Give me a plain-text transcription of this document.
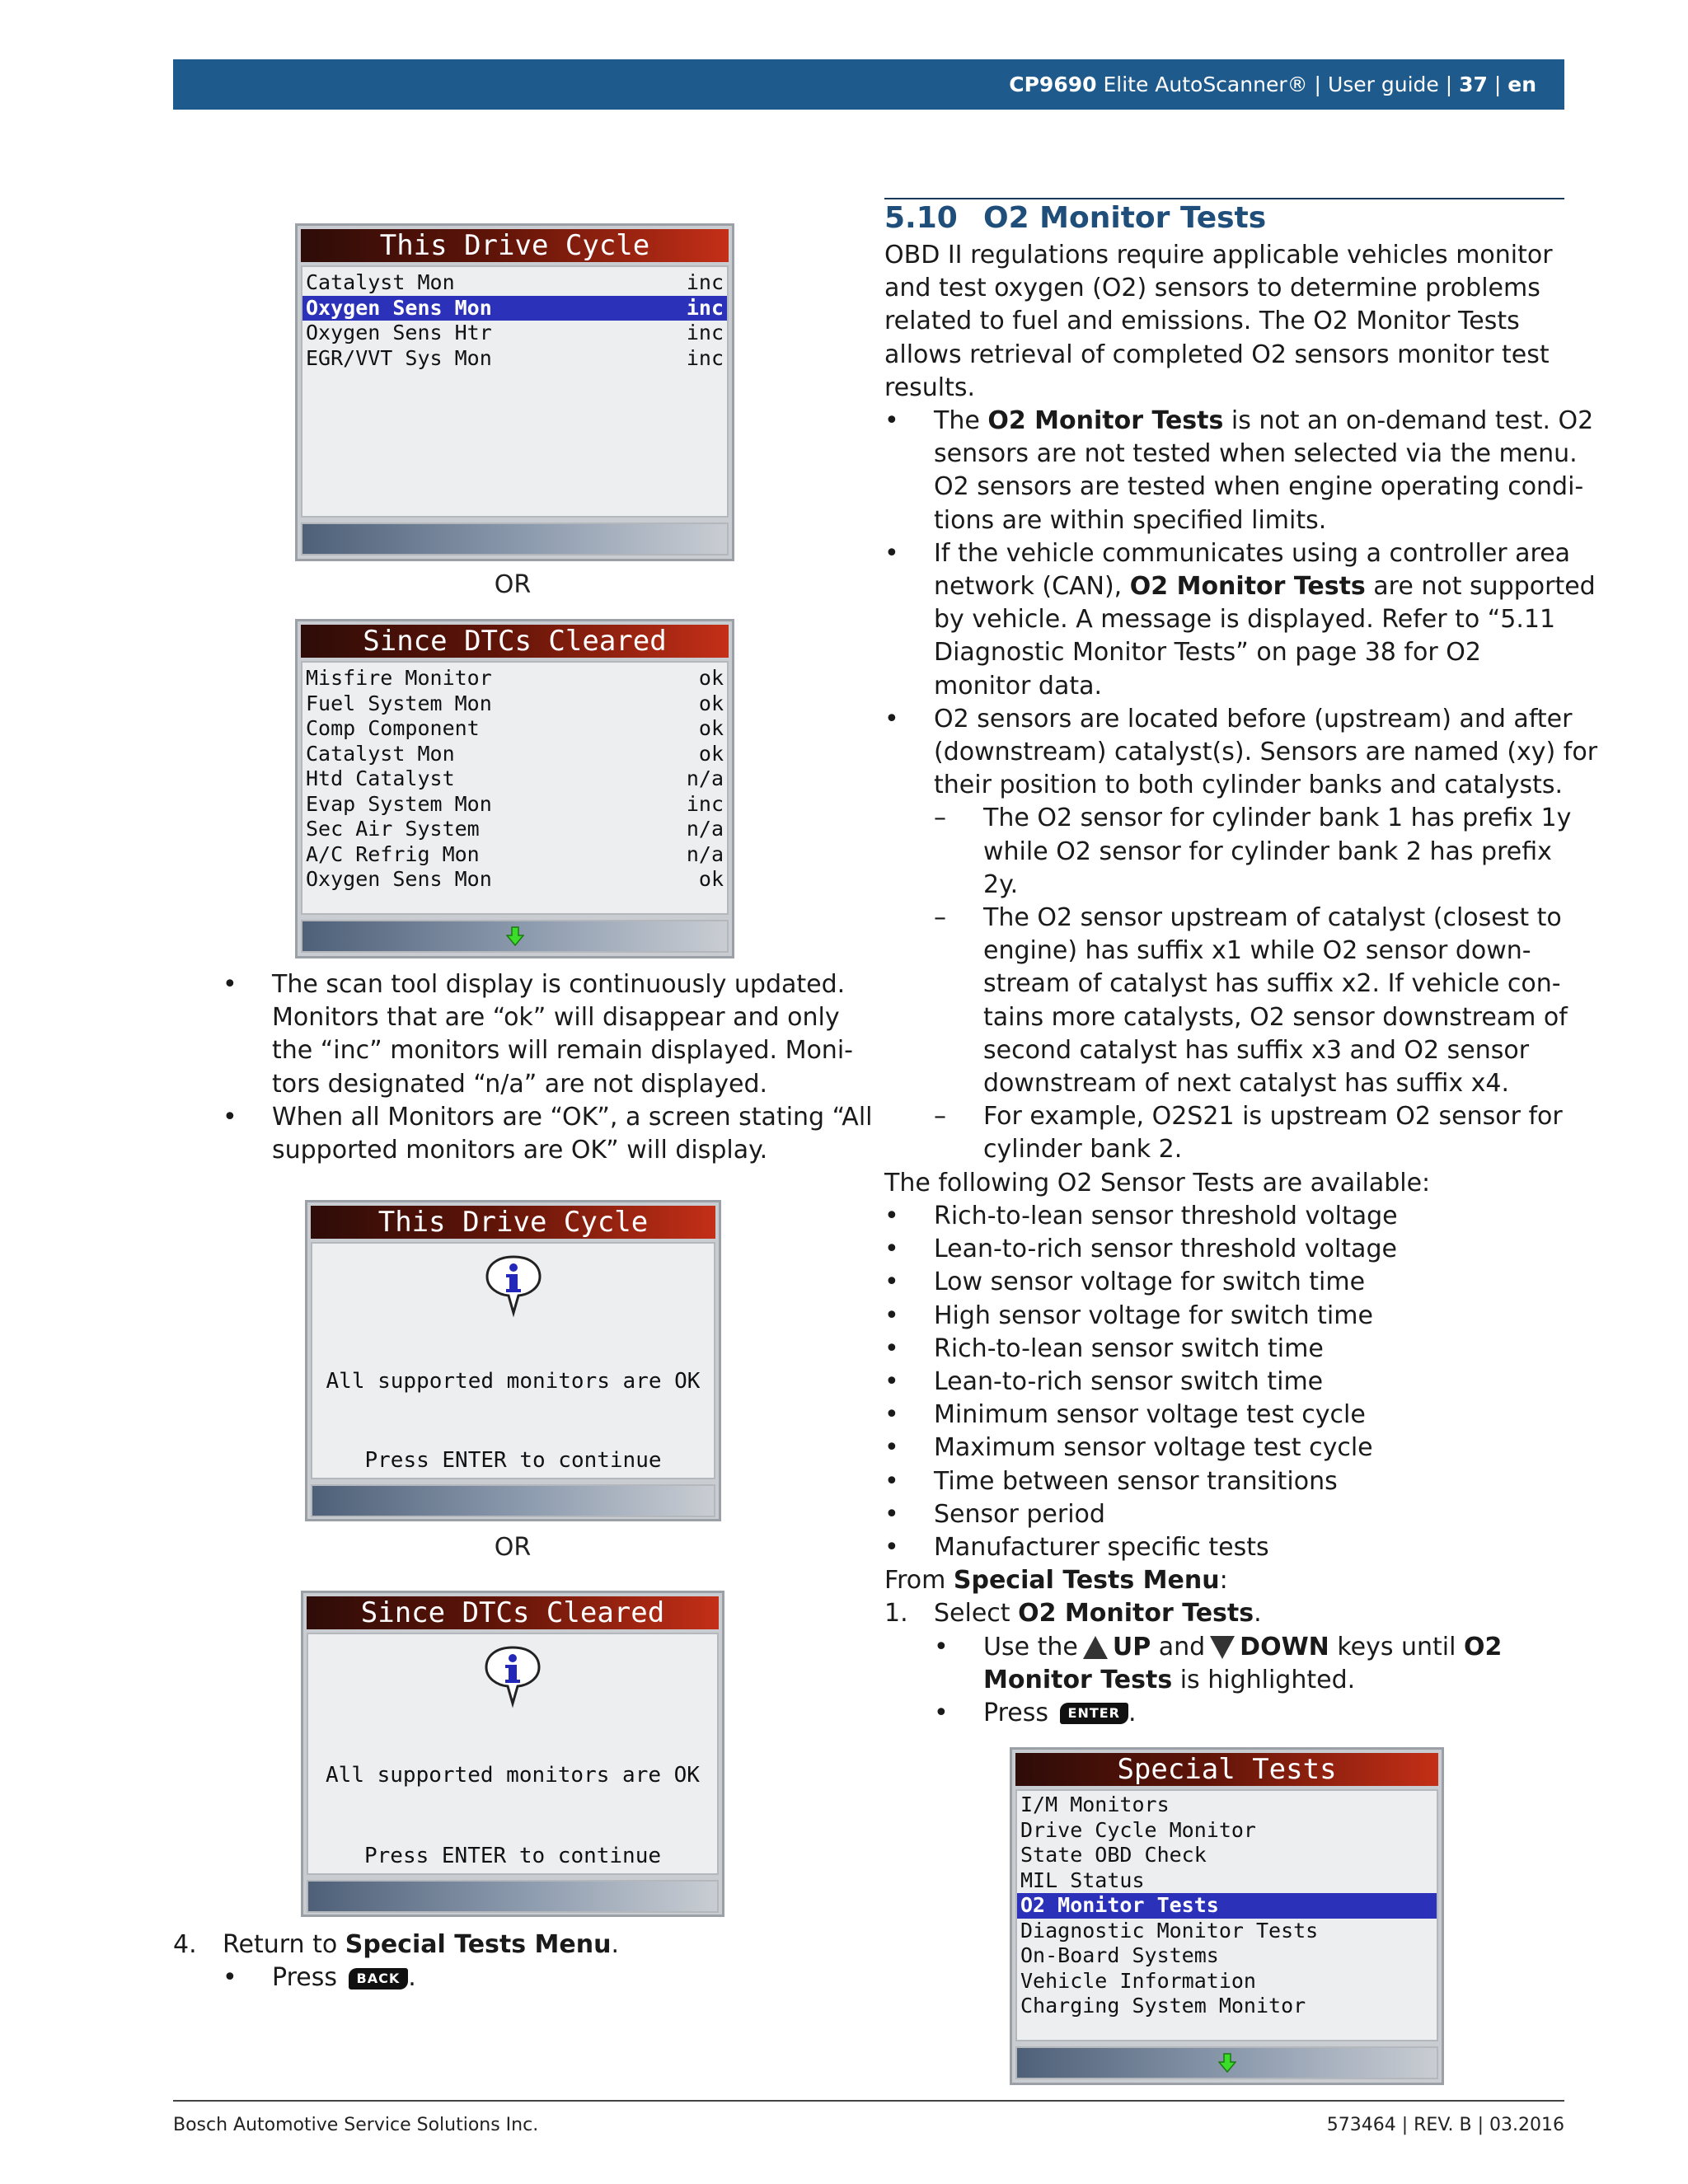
CP9690 Elite AutoScanner® | User guide | 37 | en
This Drive Cycle
Catalyst Mon	inc
Oxygen Sens Mon	inc
Oxygen Sens Htr	inc
EGR/VVT Sys Mon	inc
OR
Since DTCs Cleared
Misfire Monitor	ok
Fuel System Mon	ok
Comp Component	ok
Catalyst Mon	ok
Htd Catalyst	n/a
Evap System Mon	inc
Sec Air System	n/a
A/C Refrig Mon	n/a
Oxygen Sens Mon	ok
• The scan tool display is continuously updated.
Monitors that are “ok” will disappear and only
the “inc” monitors will remain displayed. Moni-
tors designated “n/a” are not displayed.
• When all Monitors are “OK”, a screen stating “All
supported monitors are OK” will display.
This Drive Cycle
All supported monitors are OK
Press ENTER to continue
OR
Since DTCs Cleared
All supported monitors are OK
Press ENTER to continue
4. Return to Special Tests Menu.
• Press BACK .
5.10 O2 Monitor Tests
OBD II regulations require applicable vehicles monitor
and test oxygen (O2) sensors to determine problems
related to fuel and emissions. The O2 Monitor Tests
allows retrieval of completed O2 sensors monitor test
results.
• The O2 Monitor Tests is not an on-demand test. O2
sensors are not tested when selected via the menu.
O2 sensors are tested when engine operating condi-
tions are within specified limits.
• If the vehicle communicates using a controller area
network (CAN), O2 Monitor Tests are not supported
by vehicle. A message is displayed. Refer to “5.11
Diagnostic Monitor Tests” on page 38 for O2
monitor data.
• O2 sensors are located before (upstream) and after
(downstream) catalyst(s). Sensors are named (xy) for
their position to both cylinder banks and catalysts.
– The O2 sensor for cylinder bank 1 has prefix 1y
while O2 sensor for cylinder bank 2 has prefix
2y.
– The O2 sensor upstream of catalyst (closest to
engine) has suffix x1 while O2 sensor down-
stream of catalyst has suffix x2. If vehicle con-
tains more catalysts, O2 sensor downstream of
second catalyst has suffix x3 and O2 sensor
downstream of next catalyst has suffix x4.
– For example, O2S21 is upstream O2 sensor for
cylinder bank 2.
The following O2 Sensor Tests are available:
• Rich-to-lean sensor threshold voltage
• Lean-to-rich sensor threshold voltage
• Low sensor voltage for switch time
• High sensor voltage for switch time
• Rich-to-lean sensor switch time
• Lean-to-rich sensor switch time
• Minimum sensor voltage test cycle
• Maximum sensor voltage test cycle
• Time between sensor transitions
• Sensor period
• Manufacturer specific tests
From Special Tests Menu:
1. Select O2 Monitor Tests.
• Use the UP and DOWN keys until O2
Monitor Tests is highlighted.
• Press ENTER .
Special Tests
I/M Monitors
Drive Cycle Monitor
State OBD Check
MIL Status
O2 Monitor Tests
Diagnostic Monitor Tests
On-Board Systems
Vehicle Information
Charging System Monitor
Bosch Automotive Service Solutions Inc.	573464 | REV. B | 03.2016
